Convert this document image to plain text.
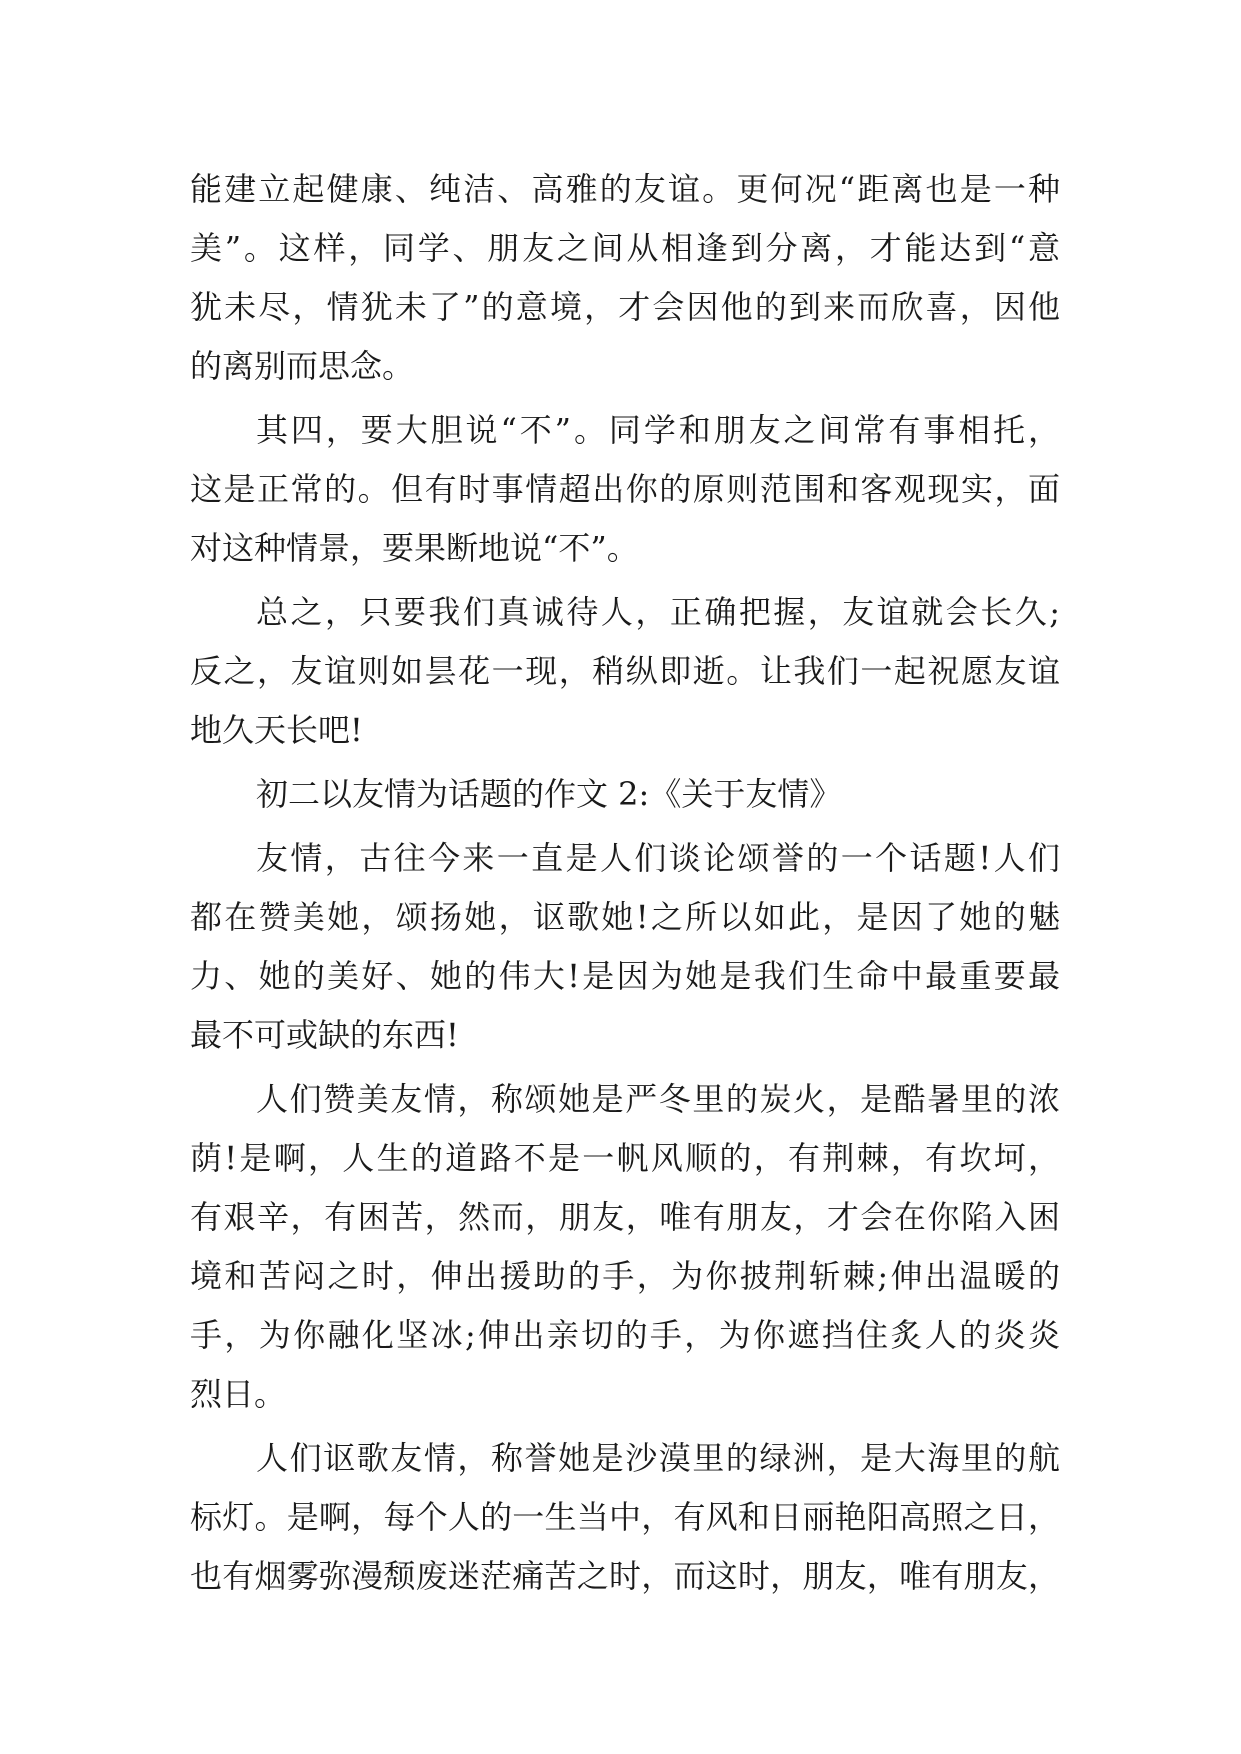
能建立起健康、纯洁、高雅的友谊。更何况“距离也是一种
美”。这样，同学、朋友之间从相逢到分离，才能达到“意
犹未尽，情犹未了”的意境，才会因他的到来而欣喜，因他
的离别而思念。
其四，要大胆说“不”。同学和朋友之间常有事相托，
这是正常的。但有时事情超出你的原则范围和客观现实，面
对这种情景，要果断地说“不”。
总之，只要我们真诚待人，正确把握，友谊就会长久;
反之，友谊则如昙花一现，稍纵即逝。让我们一起祝愿友谊
地久天长吧!
初二以友情为话题的作文 2:《关于友情》
友情，古往今来一直是人们谈论颂誉的一个话题!人们
都在赞美她，颂扬她，讴歌她!之所以如此，是因了她的魅
力、她的美好、她的伟大!是因为她是我们生命中最重要最
最不可或缺的东西!
人们赞美友情，称颂她是严冬里的炭火，是酷暑里的浓
荫!是啊，人生的道路不是一帆风顺的，有荆棘，有坎坷，
有艰辛，有困苦，然而，朋友，唯有朋友，才会在你陷入困
境和苦闷之时，伸出援助的手，为你披荆斩棘;伸出温暖的
手，为你融化坚冰;伸出亲切的手，为你遮挡住炙人的炎炎
烈日。
人们讴歌友情，称誉她是沙漠里的绿洲，是大海里的航
标灯。是啊，每个人的一生当中，有风和日丽艳阳高照之日，
也有烟雾弥漫颓废迷茫痛苦之时，而这时，朋友，唯有朋友，
